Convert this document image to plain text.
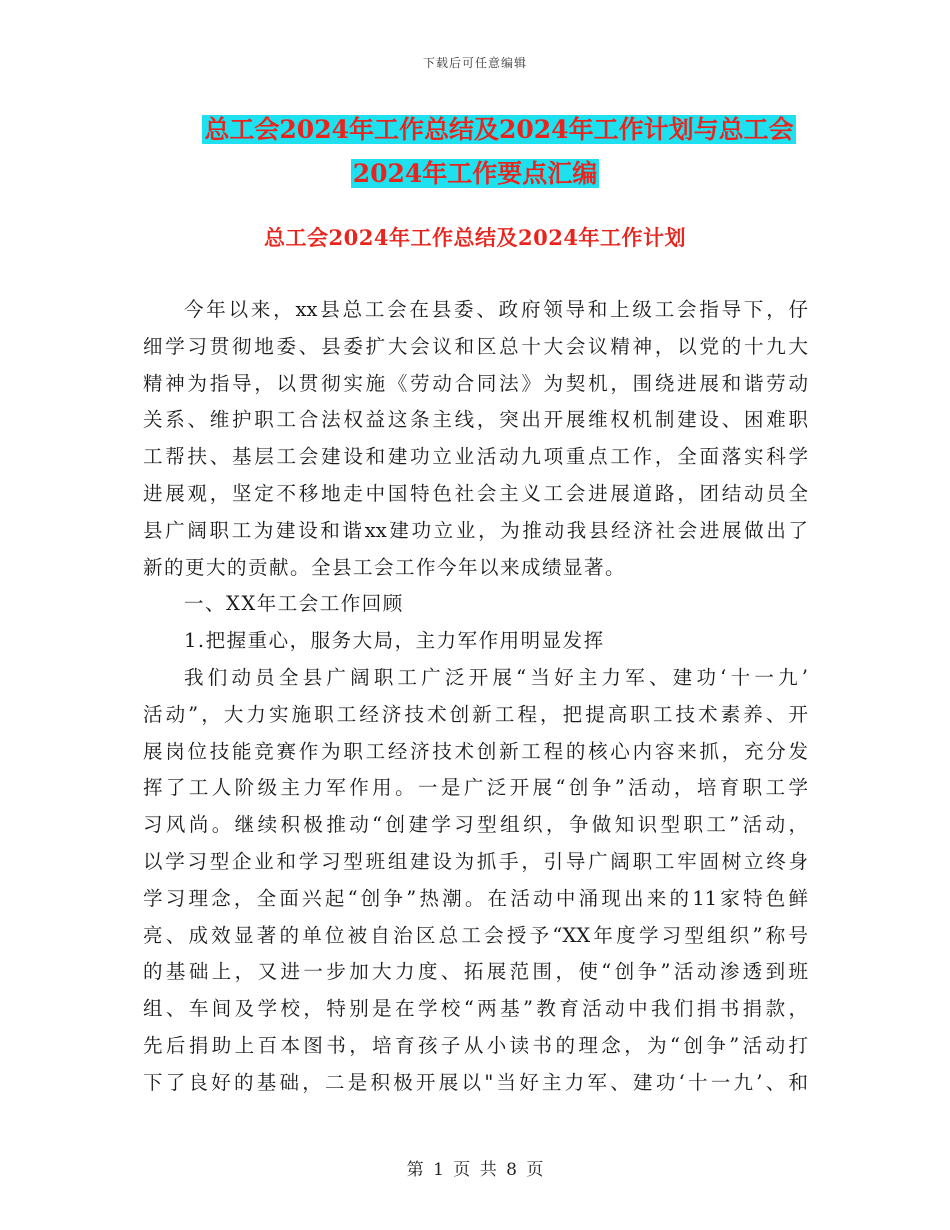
下载后可任意编辑
总工会2024年工作总结及2024年工作计划与总工会
2024年工作要点汇编
总工会2024年工作总结及2024年工作计划
今年以来，xx县总工会在县委、政府领导和上级工会指导下，仔
细学习贯彻地委、县委扩大会议和区总十大会议精神，以党的十九大
精神为指导，以贯彻实施《劳动合同法》为契机，围绕进展和谐劳动
关系、维护职工合法权益这条主线，突出开展维权机制建设、困难职
工帮扶、基层工会建设和建功立业活动九项重点工作，全面落实科学
进展观，坚定不移地走中国特色社会主义工会进展道路，团结动员全
县广阔职工为建设和谐xx建功立业，为推动我县经济社会进展做出了
新的更大的贡献。全县工会工作今年以来成绩显著。
一、XX年工会工作回顾
1.把握重心，服务大局，主力军作用明显发挥
我们动员全县广阔职工广泛开展“当好主力军、建功‘十一九’
活动”，大力实施职工经济技术创新工程，把提高职工技术素养、开
展岗位技能竞赛作为职工经济技术创新工程的核心内容来抓，充分发
挥了工人阶级主力军作用。一是广泛开展“创争”活动，培育职工学
习风尚。继续积极推动“创建学习型组织，争做知识型职工”活动，
以学习型企业和学习型班组建设为抓手，引导广阔职工牢固树立终身
学习理念，全面兴起“创争”热潮。在活动中涌现出来的11家特色鲜
亮、成效显著的单位被自治区总工会授予“XX年度学习型组织”称号
的基础上，又进一步加大力度、拓展范围，使“创争”活动渗透到班
组、车间及学校，特别是在学校“两基”教育活动中我们捐书捐款，
先后捐助上百本图书，培育孩子从小读书的理念，为“创争”活动打
下了良好的基础，二是积极开展以"当好主力军、建功‘十一九’、和
第 1 页 共 8 页
